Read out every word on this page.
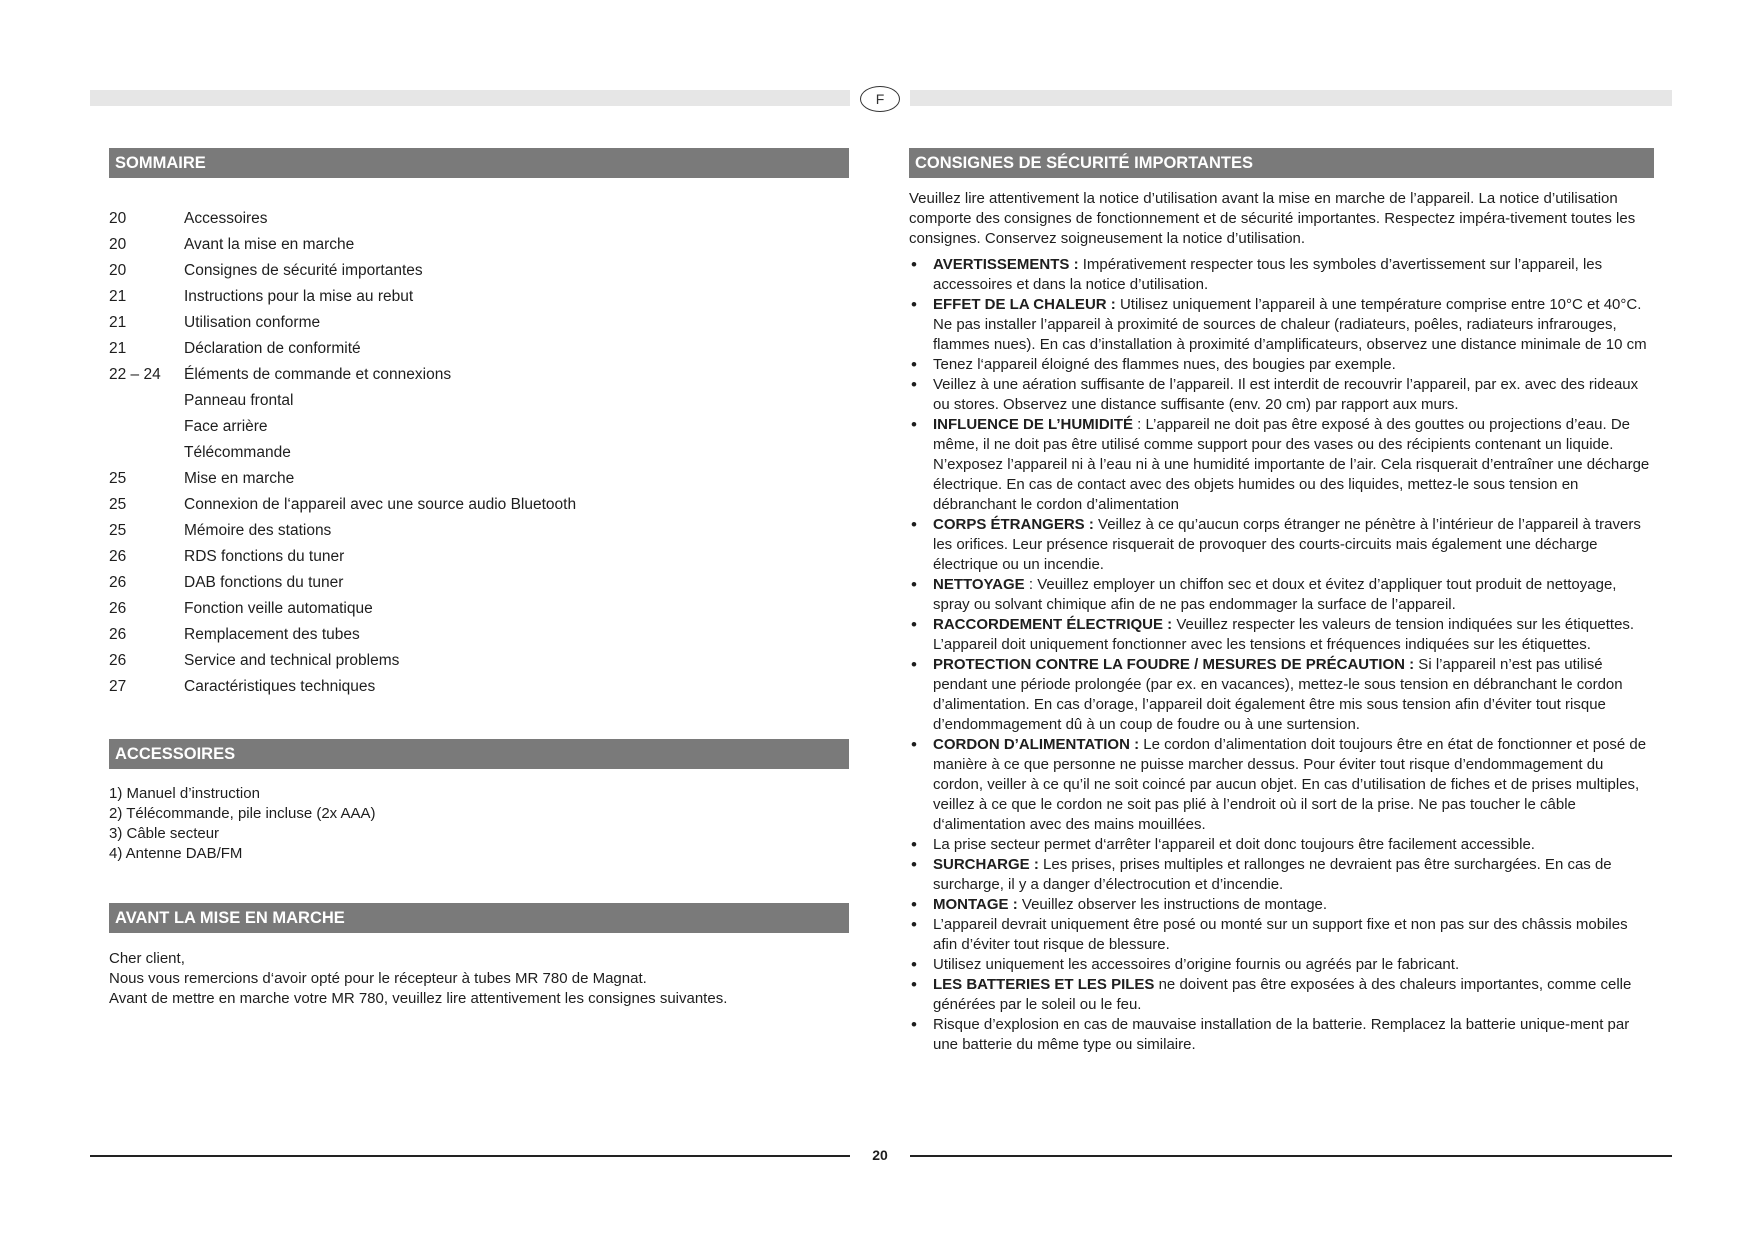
F
SOMMAIRE
20	Accessoires
20	Avant la mise en marche
20	Consignes de sécurité importantes
21	Instructions pour la mise au rebut
21	Utilisation conforme
21	Déclaration de conformité
22 – 24	Éléments de commande et connexions
Panneau frontal
Face arrière
Télécommande
25	Mise en marche
25	Connexion de l‘appareil avec une source audio Bluetooth
25	Mémoire des stations
26	RDS fonctions du tuner
26	DAB fonctions du tuner
26	Fonction veille automatique
26	Remplacement des tubes
26	Service and technical problems
27	Caractéristiques techniques
ACCESSOIRES
1) Manuel d’instruction
2) Télécommande, pile incluse (2x AAA)
3) Câble secteur
4) Antenne DAB/FM
AVANT LA MISE EN MARCHE
Cher client,
Nous vous remercions d‘avoir opté pour le récepteur à tubes MR 780 de Magnat.
Avant de mettre en marche votre MR 780, veuillez lire attentivement les consignes suivantes.
CONSIGNES DE SÉCURITÉ IMPORTANTES

Veuillez lire attentivement la notice d’utilisation avant la mise en marche de l’appareil. La notice d’utilisation comporte des consignes de fonctionnement et de sécurité importantes. Respectez impéra-tivement toutes les consignes. Conservez soigneusement la notice d’utilisation.

• AVERTISSEMENTS : Impérativement respecter tous les symboles d’avertissement sur l’appareil, les accessoires et dans la notice d’utilisation.
• EFFET DE LA CHALEUR : Utilisez uniquement l’appareil à une température comprise entre 10°C et 40°C. Ne pas installer l’appareil à proximité de sources de chaleur (radiateurs, poêles, radiateurs infrarouges, flammes nues). En cas d’installation à proximité d’amplificateurs, observez une distance minimale de 10 cm
• Tenez l‘appareil éloigné des flammes nues, des bougies par exemple.
• Veillez à une aération suffisante de l’appareil. Il est interdit de recouvrir l’appareil, par ex. avec des rideaux ou stores. Observez une distance suffisante (env. 20 cm) par rapport aux murs.
• INFLUENCE DE L’HUMIDITÉ : L’appareil ne doit pas être exposé à des gouttes ou projections d’eau. De même, il ne doit pas être utilisé comme support pour des vases ou des récipients contenant un liquide. N’exposez l’appareil ni à l’eau ni à une humidité importante de l’air. Cela risquerait d’entraîner une décharge électrique. En cas de contact avec des objets humides ou des liquides, mettez-le sous tension en débranchant le cordon d’alimentation
• CORPS ÉTRANGERS : Veillez à ce qu’aucun corps étranger ne pénètre à l’intérieur de l’appareil à travers les orifices. Leur présence risquerait de provoquer des courts-circuits mais également une décharge électrique ou un incendie.
• NETTOYAGE : Veuillez employer un chiffon sec et doux et évitez d’appliquer tout produit de nettoyage, spray ou solvant chimique afin de ne pas endommager la surface de l’appareil.
• RACCORDEMENT ÉLECTRIQUE : Veuillez respecter les valeurs de tension indiquées sur les étiquettes. L’appareil doit uniquement fonctionner avec les tensions et fréquences indiquées sur les étiquettes.
• PROTECTION CONTRE LA FOUDRE / MESURES DE PRÉCAUTION : Si l’appareil n’est pas utilisé pendant une période prolongée (par ex. en vacances), mettez-le sous tension en débranchant le cordon d’alimentation. En cas d’orage, l’appareil doit également être mis sous tension afin d’éviter tout risque d’endommagement dû à un coup de foudre ou à une surtension.
• CORDON D’ALIMENTATION : Le cordon d’alimentation doit toujours être en état de fonctionner et posé de manière à ce que personne ne puisse marcher dessus. Pour éviter tout risque d’endommagement du cordon, veiller à ce qu’il ne soit coincé par aucun objet. En cas d’utilisation de fiches et de prises multiples, veillez à ce que le cordon ne soit pas plié à l’endroit où il sort de la prise. Ne pas toucher le câble d‘alimentation avec des mains mouillées.
• La prise secteur permet d‘arrêter l‘appareil et doit donc toujours être facilement accessible.
• SURCHARGE : Les prises, prises multiples et rallonges ne devraient pas être surchargées. En cas de surcharge, il y a danger d’électrocution et d’incendie.
• MONTAGE : Veuillez observer les instructions de montage.
• L’appareil devrait uniquement être posé ou monté sur un support fixe et non pas sur des châssis mobiles afin d’éviter tout risque de blessure.
• Utilisez uniquement les accessoires d’origine fournis ou agréés par le fabricant.
• LES BATTERIES ET LES PILES ne doivent pas être exposées à des chaleurs importantes, comme celle générées par le soleil ou le feu.
• Risque d’explosion en cas de mauvaise installation de la batterie. Remplacez la batterie unique-ment par une batterie du même type ou similaire.
20
